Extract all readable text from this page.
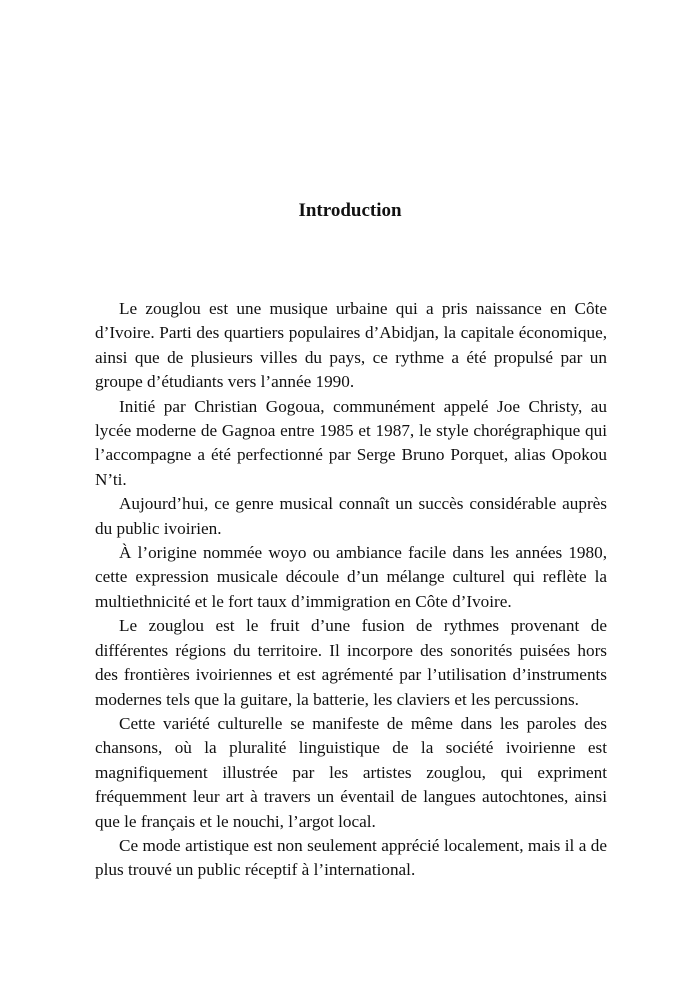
Introduction

Le zouglou est une musique urbaine qui a pris naissance en Côte d’Ivoire. Parti des quartiers populaires d’Abidjan, la capitale économique, ainsi que de plusieurs villes du pays, ce rythme a été propulsé par un groupe d’étudiants vers l’année 1990.

Initié par Christian Gogoua, communément appelé Joe Christy, au lycée moderne de Gagnoa entre 1985 et 1987, le style chorégraphique qui l’accompagne a été perfectionné par Serge Bruno Porquet, alias Opokou N’ti.

Aujourd’hui, ce genre musical connaît un succès considérable auprès du public ivoirien.

À l’origine nommée woyo ou ambiance facile dans les années 1980, cette expression musicale découle d’un mélange culturel qui reflète la multiethnicité et le fort taux d’immigration en Côte d’Ivoire.

Le zouglou est le fruit d’une fusion de rythmes provenant de différentes régions du territoire. Il incorpore des sonorités puisées hors des frontières ivoiriennes et est agrémenté par l’utilisation d’instruments modernes tels que la guitare, la batterie, les claviers et les percussions.

Cette variété culturelle se manifeste de même dans les paroles des chansons, où la pluralité linguistique de la société ivoirienne est magnifiquement illustrée par les artistes zouglou, qui expriment fréquemment leur art à travers un éventail de langues autochtones, ainsi que le français et le nouchi, l’argot local.

Ce mode artistique est non seulement apprécié localement, mais il a de plus trouvé un public réceptif à l’international.
